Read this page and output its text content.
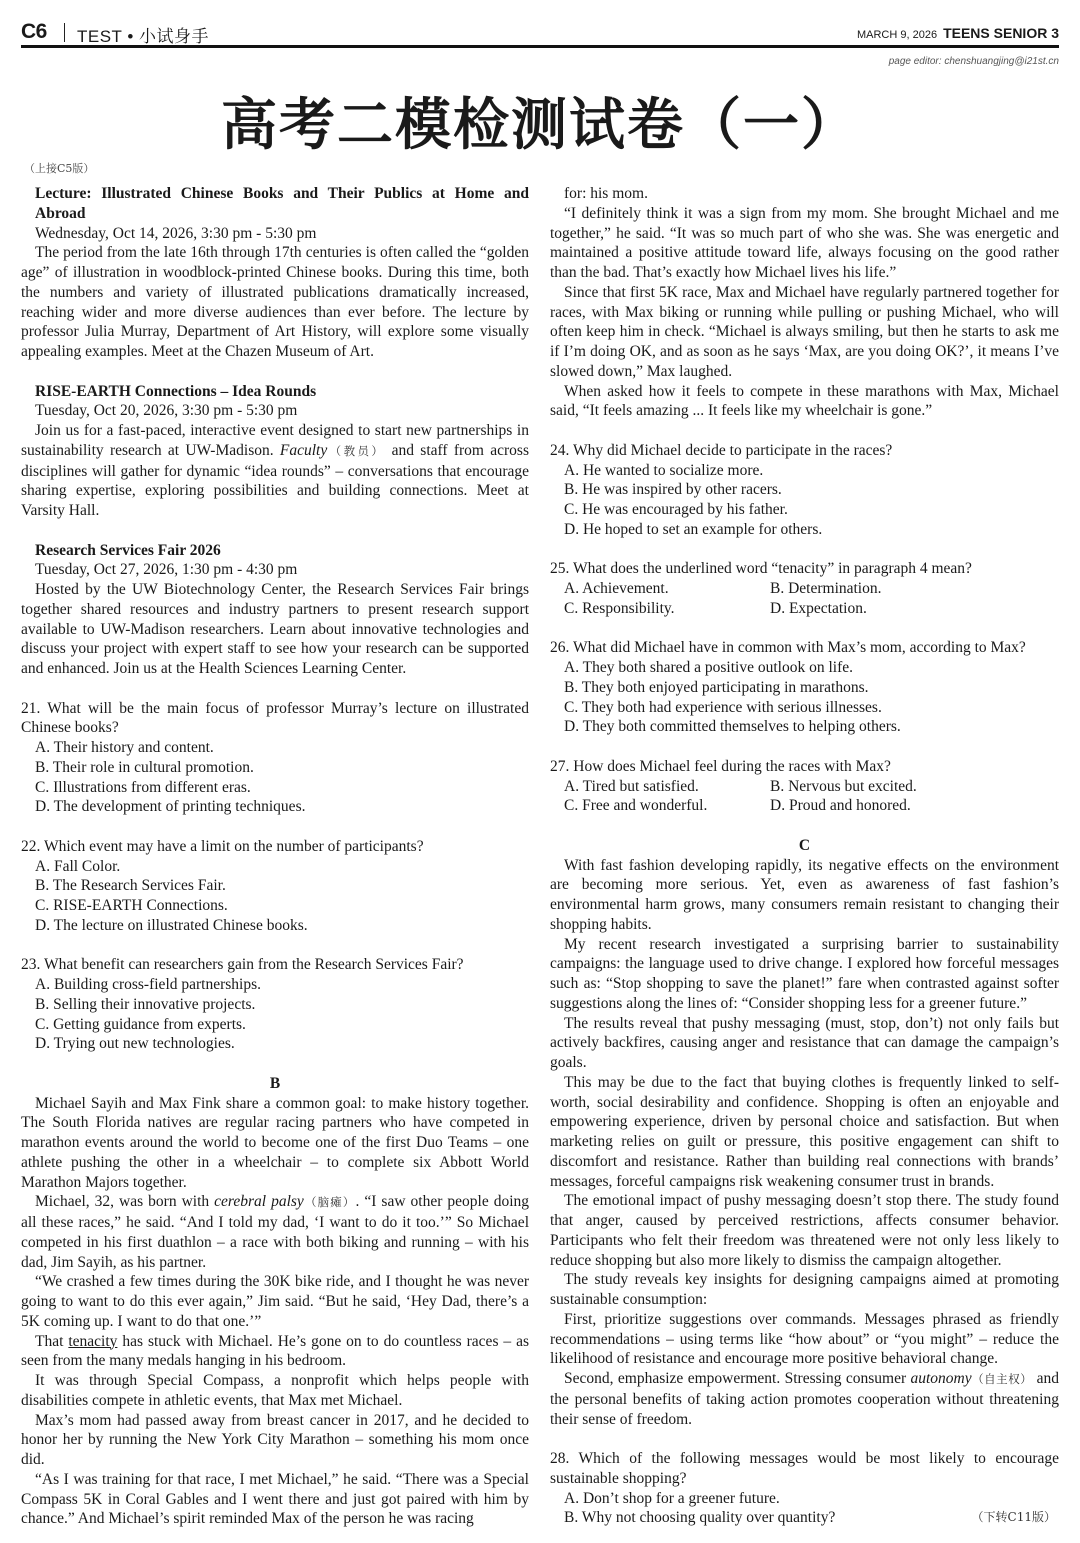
C6 TEST • 小试身手	MARCH 9, 2026 TEENS SENIOR 3
page editor: chenshuangjing@i21st.cn
高考二模检测试卷（一）
（上接C5版）
Lecture: Illustrated Chinese Books and Their Publics at Home and Abroad
Wednesday, Oct 14, 2026, 3:30 pm - 5:30 pm

The period from the late 16th through 17th centuries is often called the “golden age” of illustration in woodblock-printed Chinese books. During this time, both the numbers and variety of illustrated publications dramatically increased, reaching wider and more diverse audiences than ever before. The lecture by professor Julia Murray, Department of Art History, will explore some visually appealing examples. Meet at the Chazen Museum of Art.

RISE-EARTH Connections – Idea Rounds
Tuesday, Oct 20, 2026, 3:30 pm - 5:30 pm

Join us for a fast-paced, interactive event designed to start new partnerships in sustainability research at UW-Madison. Faculty（教员） and staff from across disciplines will gather for dynamic “idea rounds” – conversations that encourage sharing expertise, exploring possibilities and building connections. Meet at Varsity Hall.

Research Services Fair 2026
Tuesday, Oct 27, 2026, 1:30 pm - 4:30 pm

Hosted by the UW Biotechnology Center, the Research Services Fair brings together shared resources and industry partners to present research support available to UW-Madison researchers. Learn about innovative technologies and discuss your project with expert staff to see how your research can be supported and enhanced. Join us at the Health Sciences Learning Center.

21. What will be the main focus of professor Murray’s lecture on illustrated Chinese books?

A. Their history and content.
B. Their role in cultural promotion.
C. Illustrations from different eras.
D. The development of printing techniques.

22. Which event may have a limit on the number of participants?

A. Fall Color.
B. The Research Services Fair.
C. RISE-EARTH Connections.
D. The lecture on illustrated Chinese books.

23. What benefit can researchers gain from the Research Services Fair?

A. Building cross-field partnerships.
B. Selling their innovative projects.
C. Getting guidance from experts.
D. Trying out new technologies.
B

Michael Sayih and Max Fink share a common goal: to make history together. The South Florida natives are regular racing partners who have competed in marathon events around the world to become one of the first Duo Teams – one athlete pushing the other in a wheelchair – to complete six Abbott World Marathon Majors together.

Michael, 32, was born with cerebral palsy（脑瘫）. “I saw other people doing all these races,” he said. “And I told my dad, ‘I want to do it too.’” So Michael competed in his first duathlon – a race with both biking and running – with his dad, Jim Sayih, as his partner.

“We crashed a few times during the 30K bike ride, and I thought he was never going to want to do this ever again,” Jim said. “But he said, ‘Hey Dad, there’s a 5K coming up. I want to do that one.’”

That tenacity has stuck with Michael. He’s gone on to do countless races – as seen from the many medals hanging in his bedroom.

It was through Special Compass, a nonprofit which helps people with disabilities compete in athletic events, that Max met Michael.

Max’s mom had passed away from breast cancer in 2017, and he decided to honor her by running the New York City Marathon – something his mom once did.

“As I was training for that race, I met Michael,” he said. “There was a Special Compass 5K in Coral Gables and I went there and just got paired with him by chance.” And Michael’s spirit reminded Max of the person he was racing

for: his mom.

“I definitely think it was a sign from my mom. She brought Michael and me together,” he said. “It was so much part of who she was. She was energetic and maintained a positive attitude toward life, always focusing on the good rather than the bad. That’s exactly how Michael lives his life.”

Since that first 5K race, Max and Michael have regularly partnered together for races, with Max biking or running while pulling or pushing Michael, who will often keep him in check. “Michael is always smiling, but then he starts to ask me if I’m doing OK, and as soon as he says ‘Max, are you doing OK?’, it means I’ve slowed down,” Max laughed.

When asked how it feels to compete in these marathons with Max, Michael said, “It feels amazing ... It feels like my wheelchair is gone.”

24. Why did Michael decide to participate in the races?

A. He wanted to socialize more.
B. He was inspired by other racers.
C. He was encouraged by his father.
D. He hoped to set an example for others.

25. What does the underlined word “tenacity” in paragraph 4 mean?

A. Achievement.	B. Determination.
C. Responsibility.	D. Expectation.

26. What did Michael have in common with Max’s mom, according to Max?

A. They both shared a positive outlook on life.
B. They both enjoyed participating in marathons.
C. They both had experience with serious illnesses.
D. They both committed themselves to helping others.

27. How does Michael feel during the races with Max?

A. Tired but satisfied.	B. Nervous but excited.
C. Free and wonderful.	D. Proud and honored.
C

With fast fashion developing rapidly, its negative effects on the environment are becoming more serious. Yet, even as awareness of fast fashion’s environmental harm grows, many consumers remain resistant to changing their shopping habits.

My recent research investigated a surprising barrier to sustainability campaigns: the language used to drive change. I explored how forceful messages such as: “Stop shopping to save the planet!” fare when contrasted against softer suggestions along the lines of: “Consider shopping less for a greener future.”

The results reveal that pushy messaging (must, stop, don’t) not only fails but actively backfires, causing anger and resistance that can damage the campaign’s goals.

This may be due to the fact that buying clothes is frequently linked to self-worth, social desirability and confidence. Shopping is often an enjoyable and empowering experience, driven by personal choice and satisfaction. But when marketing relies on guilt or pressure, this positive engagement can shift to discomfort and resistance. Rather than building real connections with brands’ messages, forceful campaigns risk weakening consumer trust in brands.

The emotional impact of pushy messaging doesn’t stop there. The study found that anger, caused by perceived restrictions, affects consumer behavior. Participants who felt their freedom was threatened were not only less likely to reduce shopping but also more likely to dismiss the campaign altogether.

The study reveals key insights for designing campaigns aimed at promoting sustainable consumption:

First, prioritize suggestions over commands. Messages phrased as friendly recommendations – using terms like “how about” or “you might” – reduce the likelihood of resistance and encourage more positive behavioral change.

Second, emphasize empowerment. Stressing consumer autonomy（自主权） and the personal benefits of taking action promotes cooperation without threatening their sense of freedom.

28. Which of the following messages would be most likely to encourage sustainable shopping?

A. Don’t shop for a greener future.
B. Why not choosing quality over quantity?	（下转C11版）
